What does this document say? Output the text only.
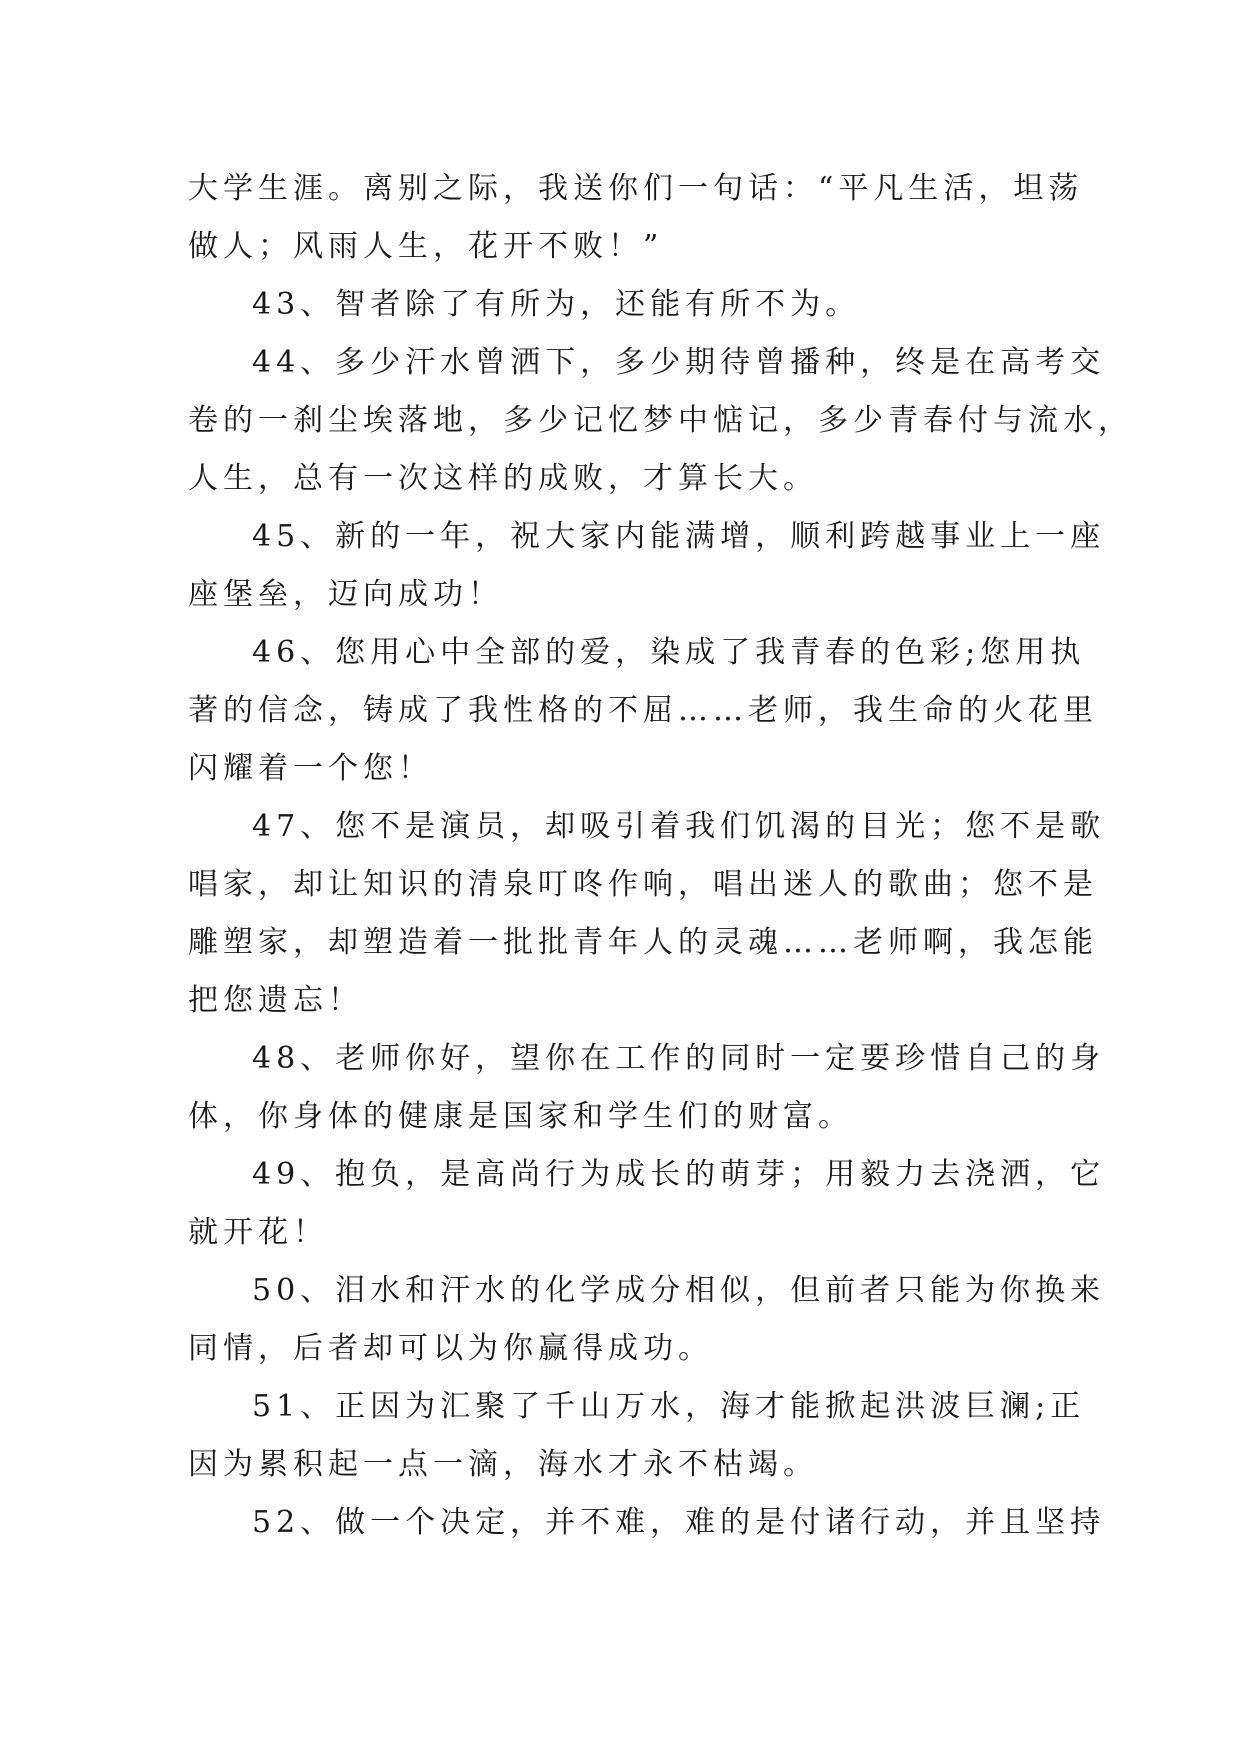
大学生涯。离别之际，我送你们一句话：“平凡生活，坦荡
做人；风雨人生，花开不败！”
43、智者除了有所为，还能有所不为。
44、多少汗水曾洒下，多少期待曾播种，终是在高考交
卷的一刹尘埃落地，多少记忆梦中惦记，多少青春付与流水，
人生，总有一次这样的成败，才算长大。
45、新的一年，祝大家内能满增，顺利跨越事业上一座
座堡垒，迈向成功！
46、您用心中全部的爱，染成了我青春的色彩;您用执
著的信念，铸成了我性格的不屈……老师，我生命的火花里
闪耀着一个您！
47、您不是演员，却吸引着我们饥渴的目光；您不是歌
唱家，却让知识的清泉叮咚作响，唱出迷人的歌曲；您不是
雕塑家，却塑造着一批批青年人的灵魂……老师啊，我怎能
把您遗忘！
48、老师你好，望你在工作的同时一定要珍惜自己的身
体，你身体的健康是国家和学生们的财富。
49、抱负，是高尚行为成长的萌芽；用毅力去浇洒，它
就开花！
50、泪水和汗水的化学成分相似，但前者只能为你换来
同情，后者却可以为你赢得成功。
51、正因为汇聚了千山万水，海才能掀起洪波巨澜;正
因为累积起一点一滴，海水才永不枯竭。
52、做一个决定，并不难，难的是付诸行动，并且坚持
